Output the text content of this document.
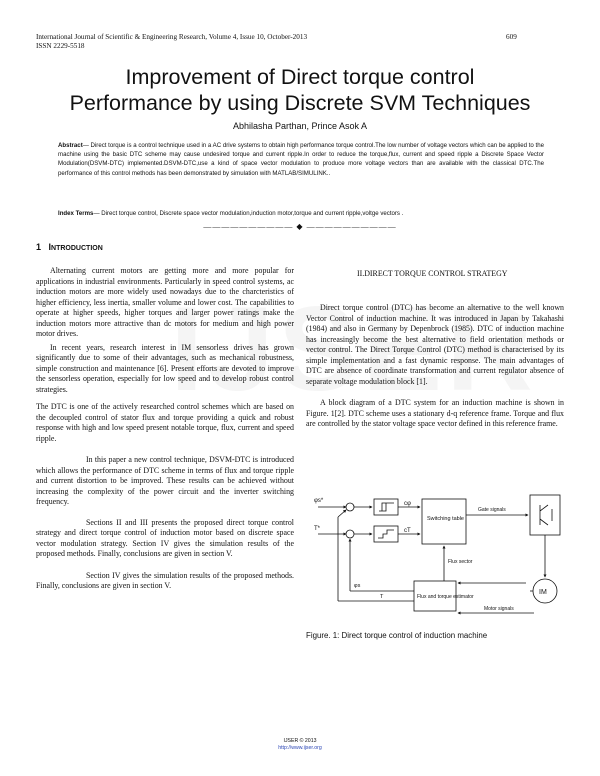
International Journal of Scientific & Engineering Research, Volume 4, Issue 10, October-2013
ISSN 2229-5518
609
Improvement of Direct torque control
Performance by using Discrete SVM Techniques
Abhilasha Parthan, Prince Asok A
Abstract— Direct torque is a control technique used in a AC drive systems to obtain high performance torque control.The low number of voltage vectors which can be applied to the machine using the basic DTC scheme may cause undesired torque and current ripple.In order to reduce the torque,flux, current and speed ripple a Discrete Space Vector Modulation(DSVM-DTC) implemented.DSVM-DTC,use a kind of space vector modulation to produce more voltage vectors than are available with the classical DTC.The performance of this control methods has been demonstrated by simulation with MATLAB/SIMULINK..
Index Terms— Direct torque control, Discrete space vector modulation,induction motor,torque and current ripple,voltge vectors .
—————————— ◆ ——————————
1 INTRODUCTION

Alternating current motors are getting more and more popular for applications in industrial environments. Particularly in speed control systems, ac induction motors are more widely used nowadays due to the charcteristics of higher efficiency, less inertia, smaller volume and lower cost. The capabilities to operate at higher speeds, higher torques and larger power ratings make the induction motors more attractive than dc motors for medium and high power motor drives.

In recent years, research interest in IM sensorless drives has grown significantly due to some of their advantages, such as mechanical robustness, simple construction and maintenance [6]. Present efforts are devoted to improve the sensorless operation, especially for low speed and to develop robust control strategies.

The DTC is one of the actively researched control schemes which are based on the decoupled control of stator flux and torque providing a quick and robust response with high and low speed present notable torque, flux, current and speed ripple.

In this paper a new control technique, DSVM-DTC is introduced which allows the performance of DTC scheme in terms of flux and torque ripple and current distortion to be improved. These results can be achieved without increasing the complexity of the power circuit and the inverter switching frequency.

Sections II and III presents the proposed direct torque control strategy and direct torque control of induction motor based on discrete space vector modulation strategy. Section IV gives the simulation results of the proposed methods. Finally, conclusions are given in section V.

Section IV gives the simulation results of the proposed methods. Finally, conclusions are given in section V.

II.DIRECT TORQUE CONTROL STRATEGY

Direct torque control (DTC) has become an alternative to the well known Vector Control of induction machine. It was introduced in Japan by Takahashi (1984) and also in Germany by Depenbrock (1985). DTC of induction machine has increasingly become the best alternative to field orientation methods or vector control. The Direct Torque Control (DTC) method is characterised by its simple implementation and a fast dynamic response. The main advantages of DTC are absence of coordinate transformation and current regulator absence of separate voltage modulation block [1].

A block diagram of a DTC system for an induction machine is shown in Figure. 1[2]. DTC scheme uses a stationary d-q reference frame. Torque and flux are controlled by the stator voltage space vector defined in this reference frame.

φs*
T*
cφ
cT
Switching table
Gate signals
Flux sector
Flux and torque estimator
IM
Motor signals
φs
T
Figure. 1: Direct torque control of induction machine
IJSER © 2013
http://www.ijser.org
